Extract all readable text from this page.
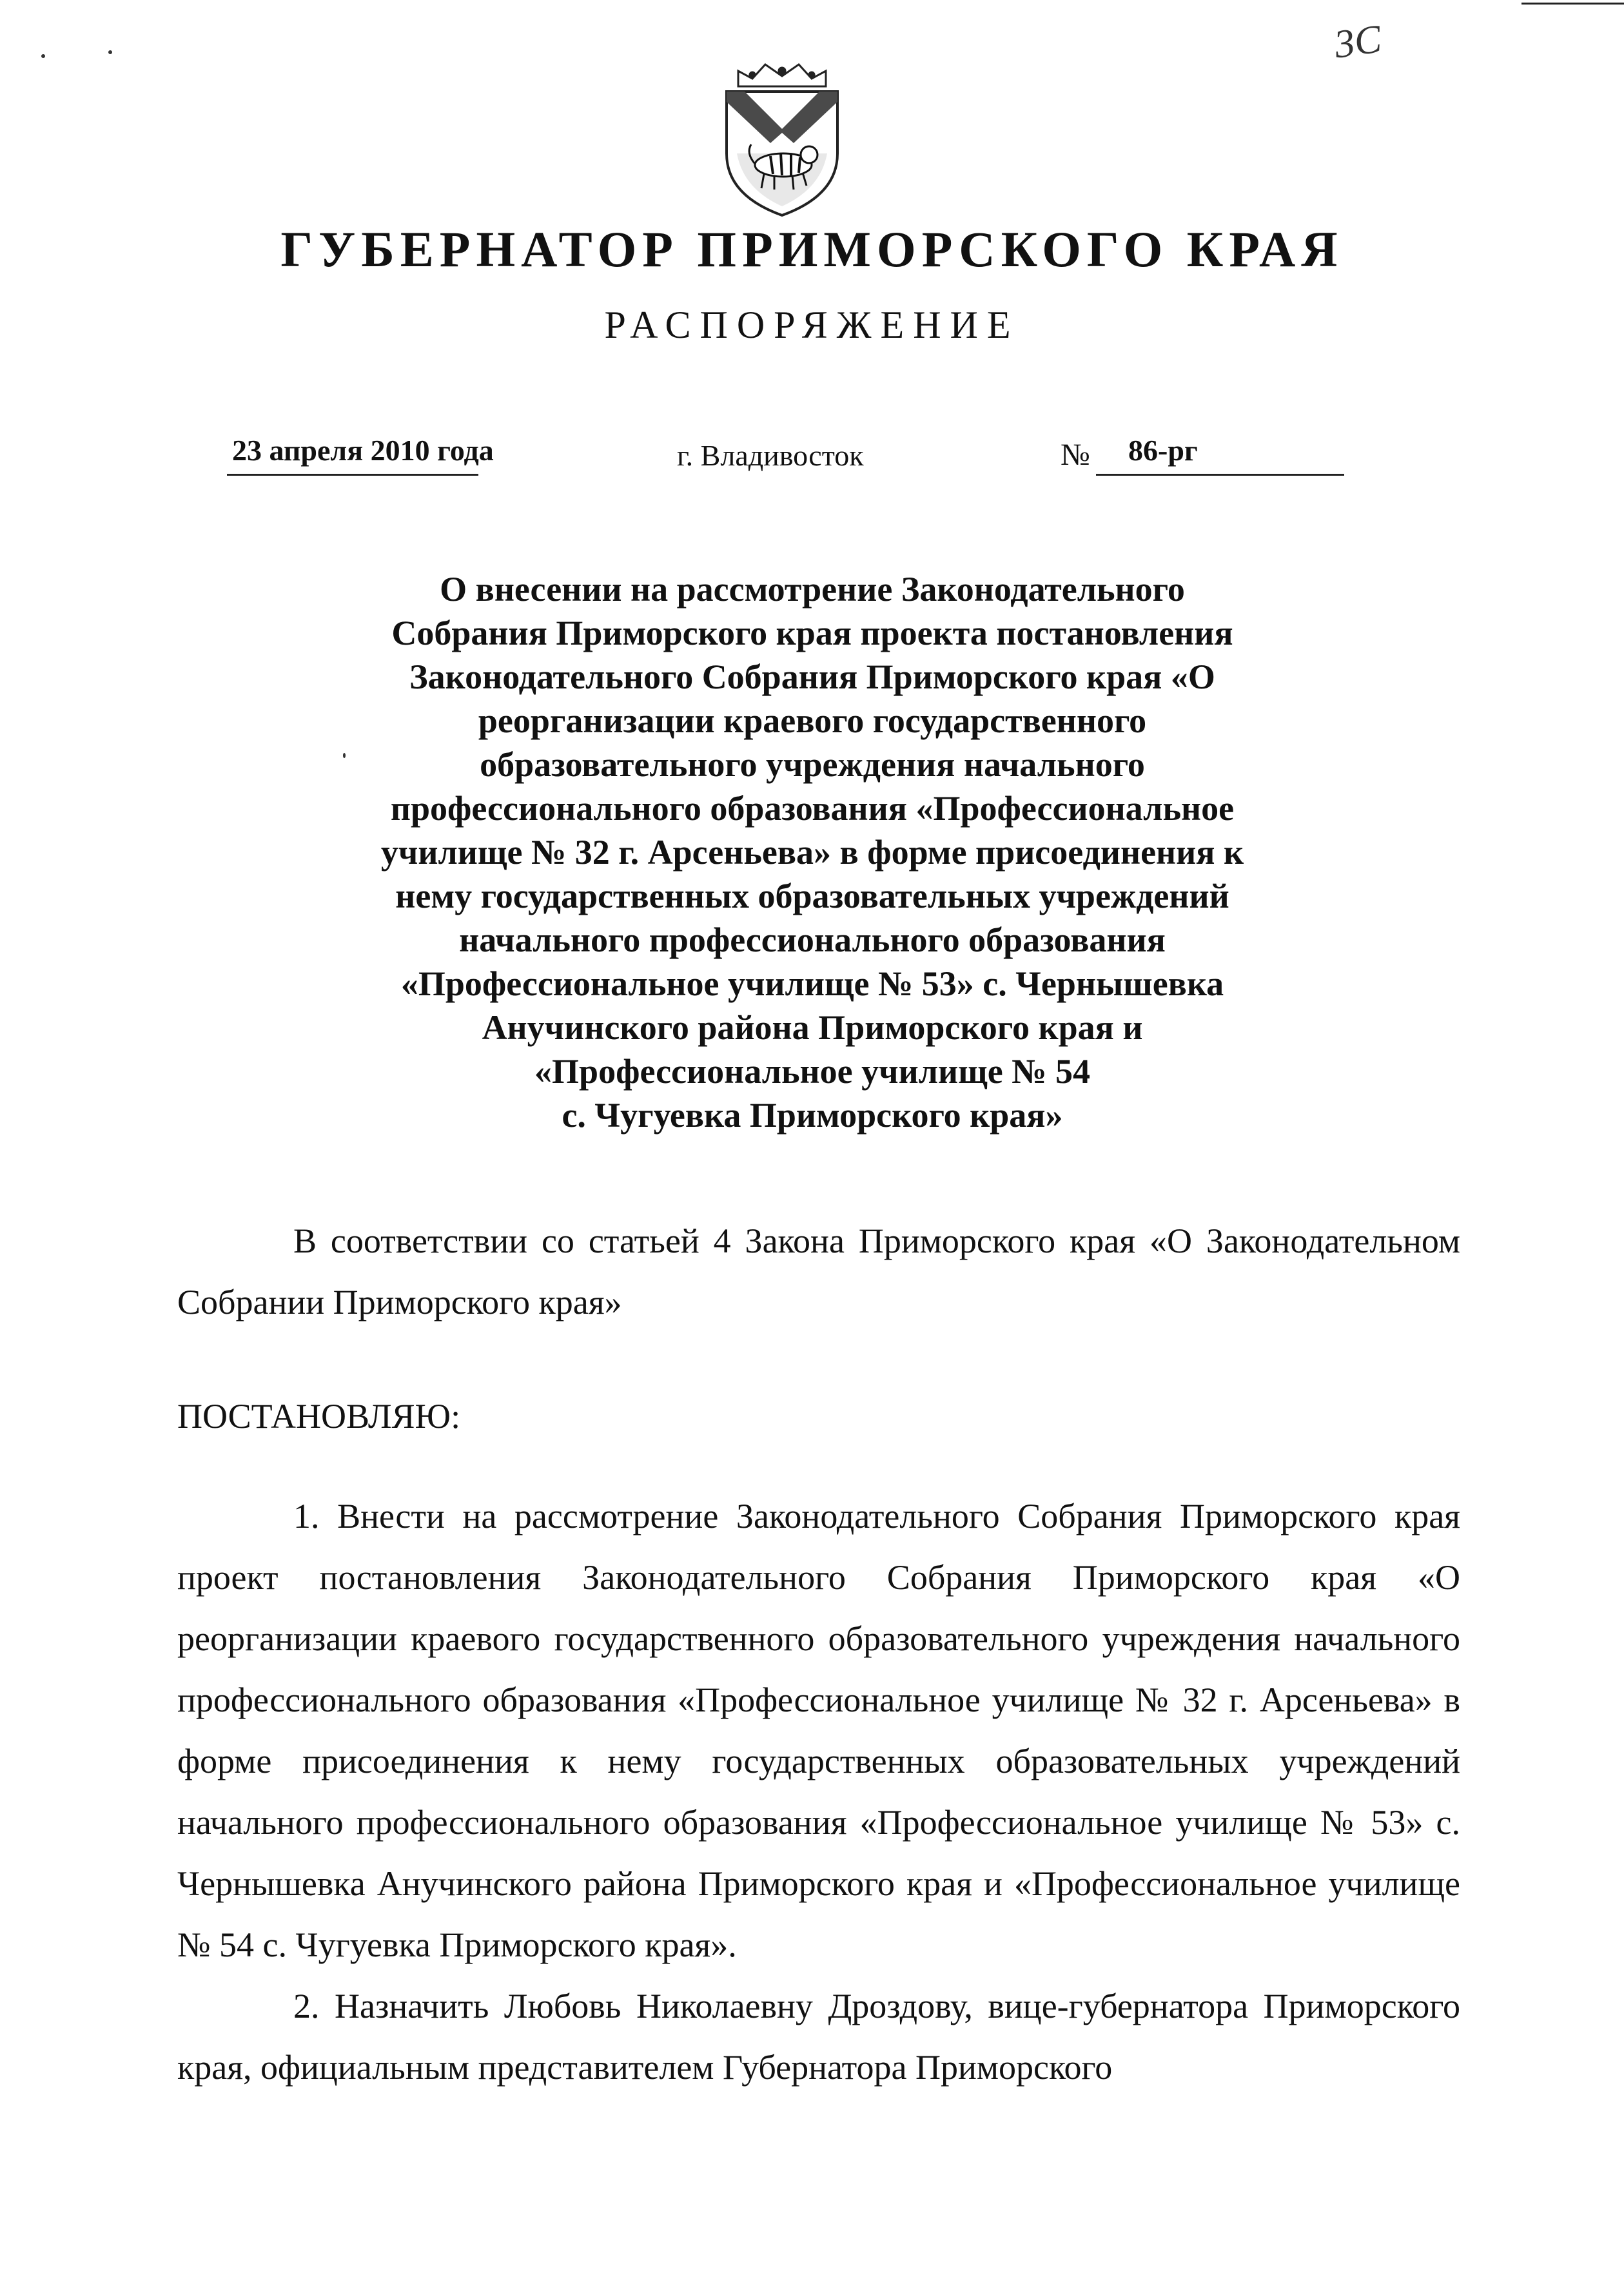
3С
ГУБЕРНАТОР ПРИМОРСКОГО КРАЯ
РАСПОРЯЖЕНИЕ
23 апреля 2010 года	г. Владивосток	№ 86-рг

О внесении на рассмотрение Законодательного
Собрания Приморского края проекта постановления
Законодательного Собрания Приморского края «О
реорганизации краевого государственного
образовательного учреждения начального
профессионального образования «Профессиональное
училище № 32 г. Арсеньева» в форме присоединения к
нему государственных образовательных учреждений
начального профессионального образования
«Профессиональное училище № 53» с. Чернышевка
Анучинского района Приморского края и
«Профессиональное училище № 54
с. Чугуевка Приморского края»

В соответствии со статьей 4 Закона Приморского края «О Законодательном Собрании Приморского края»

ПОСТАНОВЛЯЮ:

1. Внести на рассмотрение Законодательного Собрания Приморского края проект постановления Законодательного Собрания Приморского края «О реорганизации краевого государственного образовательного учреждения начального профессионального образования «Профессиональное училище № 32 г. Арсеньева» в форме присоединения к нему государственных образовательных учреждений начального профессионального образования «Профессиональное училище № 53» с. Чернышевка Анучинского района Приморского края и «Профессиональное училище № 54 с. Чугуевка Приморского края».

2. Назначить Любовь Николаевну Дроздову, вице-губернатора Приморского края, официальным представителем Губернатора Приморского
